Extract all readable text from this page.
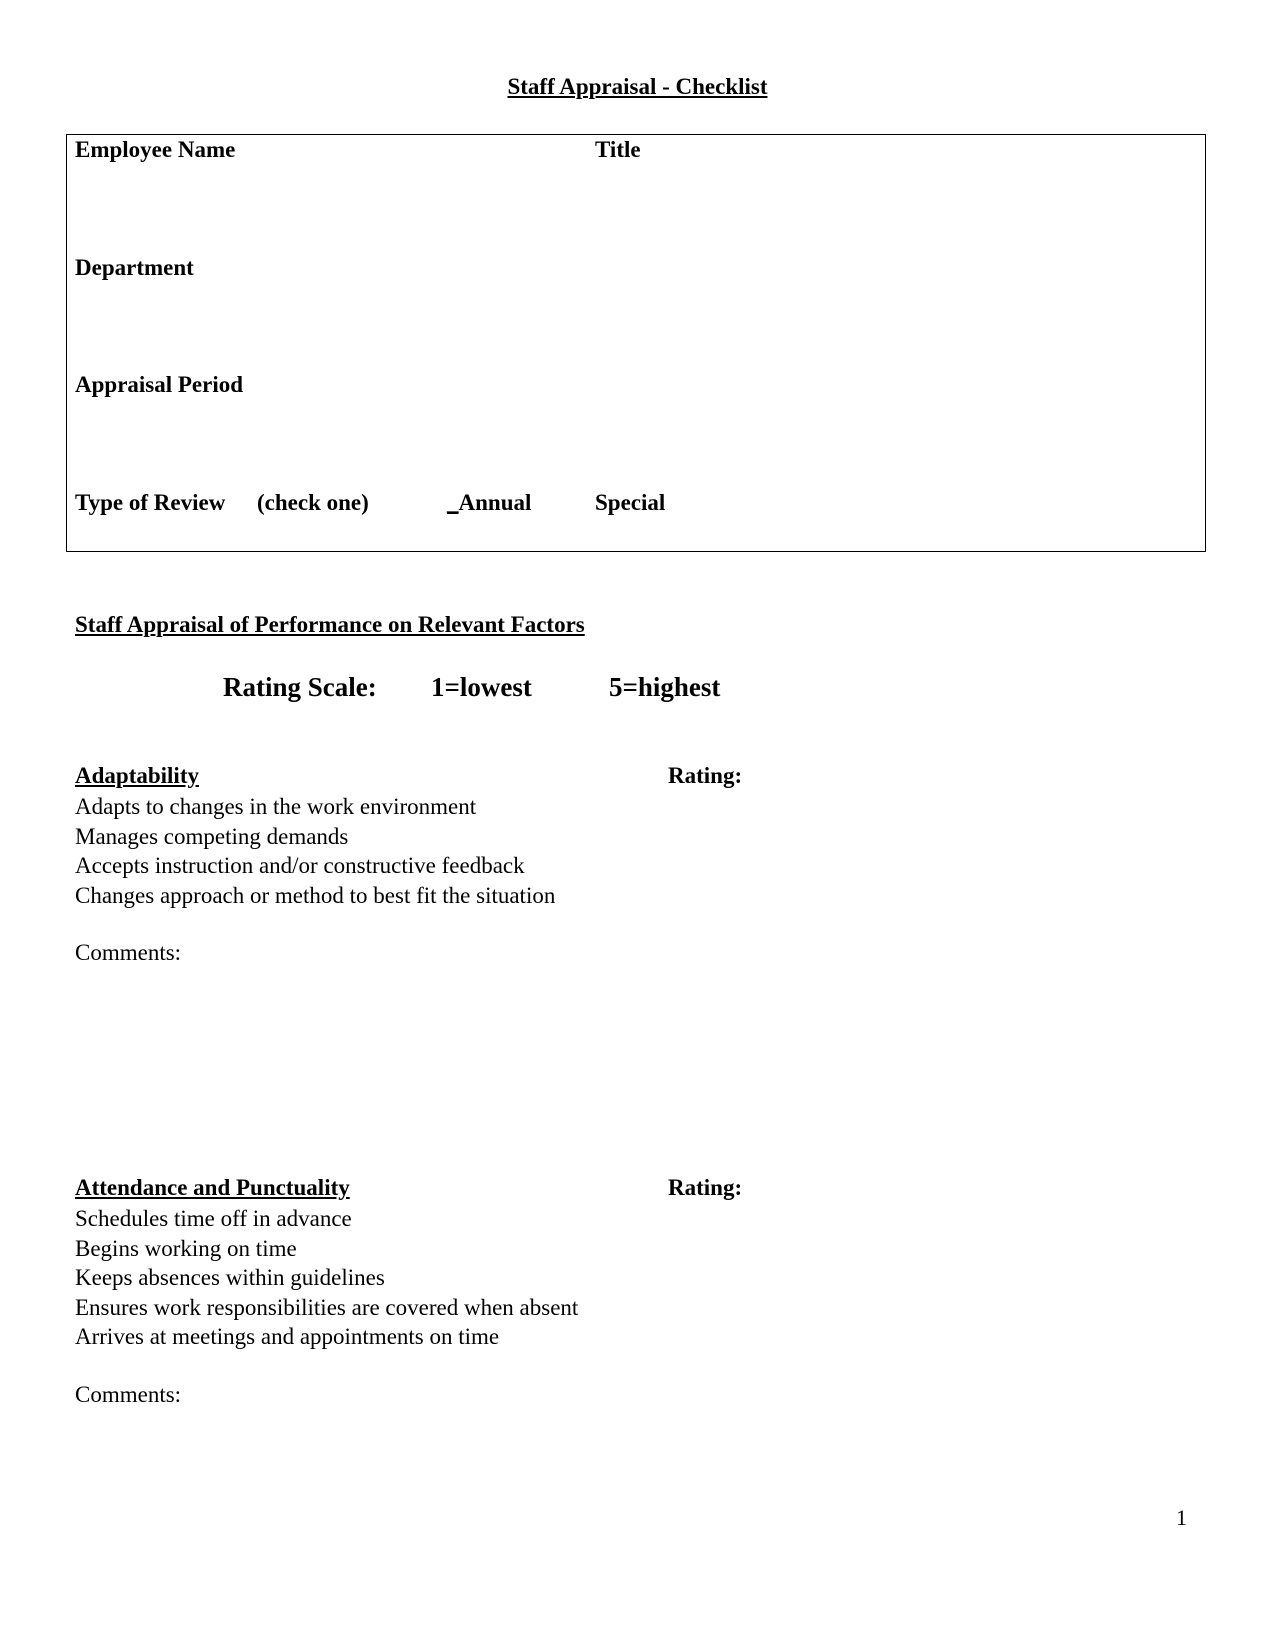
Staff Appraisal - Checklist
Employee Name	Title
Department
Appraisal Period
Type of Review (check one)	_Annual	Special
Staff Appraisal of Performance on Relevant Factors
Rating Scale: 1=lowest	5=highest
Adaptability	Rating:
Adapts to changes in the work environment
Manages competing demands
Accepts instruction and/or constructive feedback
Changes approach or method to best fit the situation
Comments:
Attendance and Punctuality	Rating:
Schedules time off in advance
Begins working on time
Keeps absences within guidelines
Ensures work responsibilities are covered when absent
Arrives at meetings and appointments on time
Comments:
1
